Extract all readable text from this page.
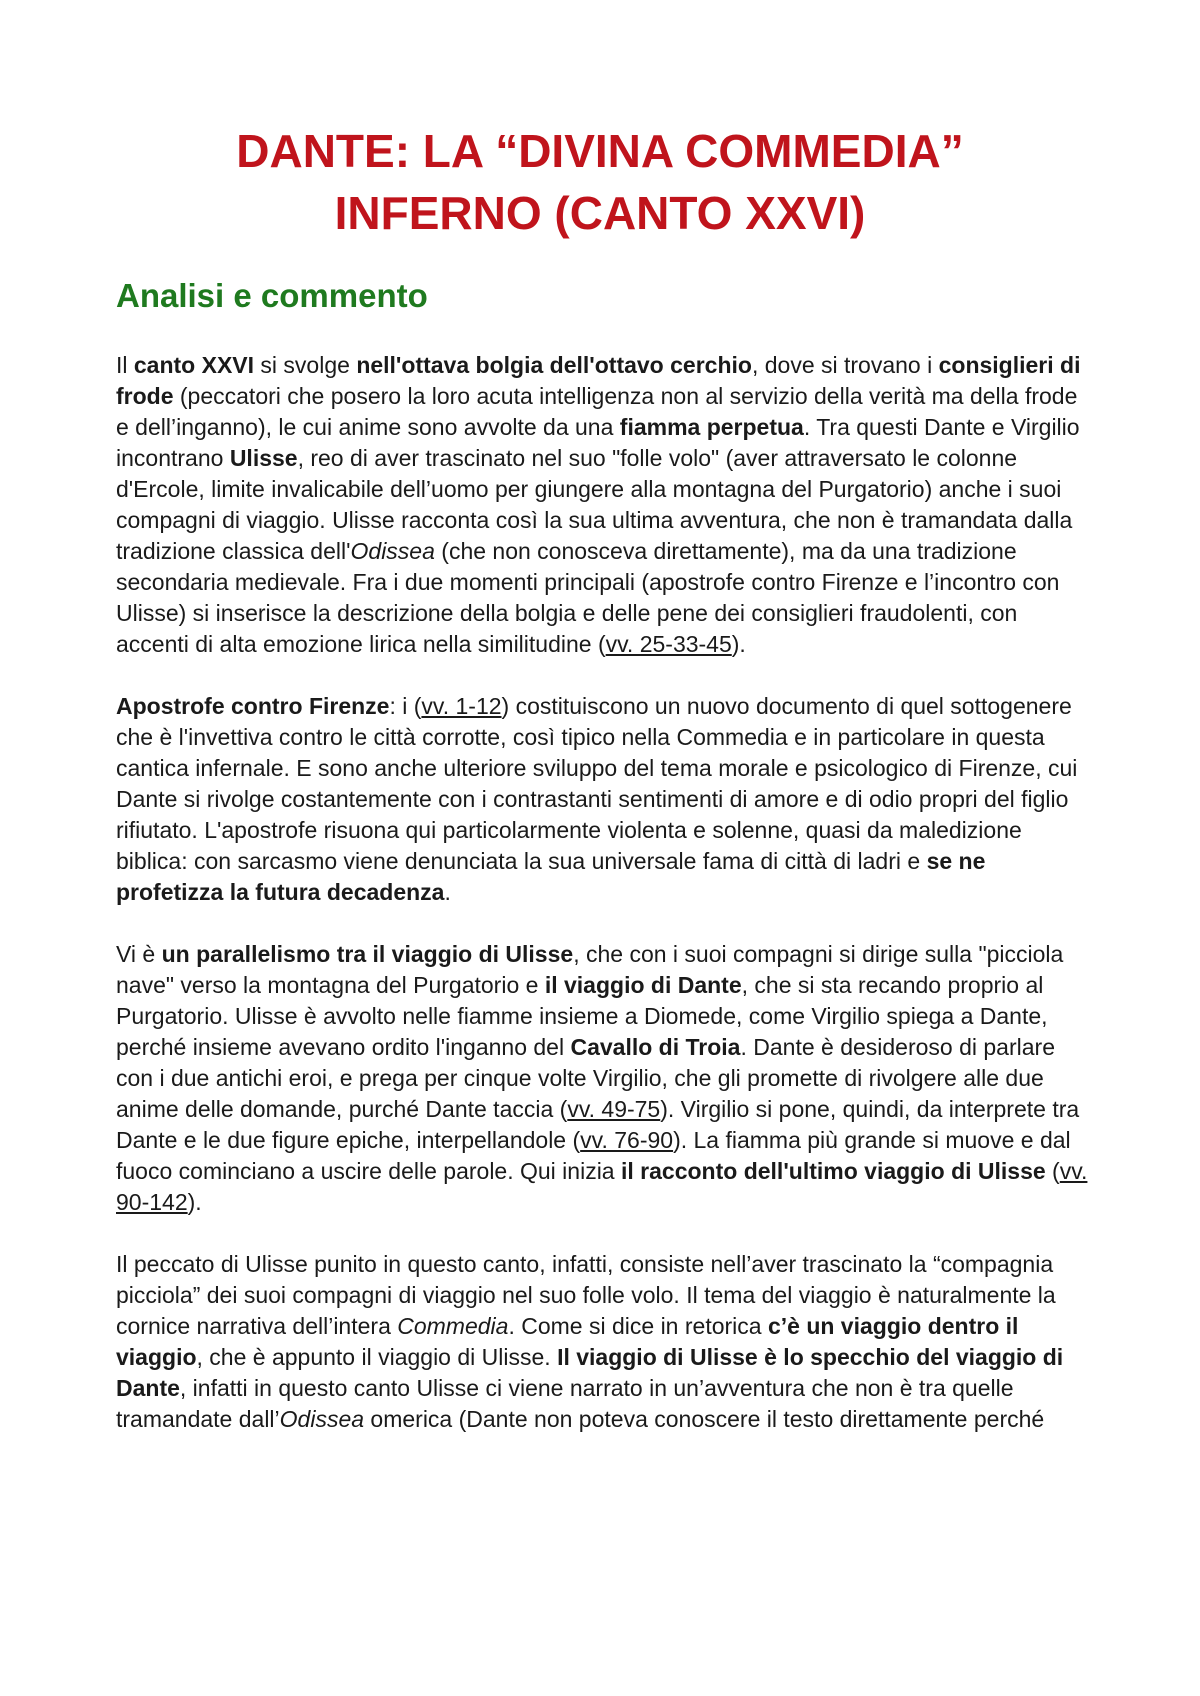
DANTE: LA “DIVINA COMMEDIA”
INFERNO (CANTO XXVI)
Analisi e commento

Il canto XXVI si svolge nell'ottava bolgia dell'ottavo cerchio, dove si trovano i consiglieri di frode (peccatori che posero la loro acuta intelligenza non al servizio della verità ma della frode e dell’inganno), le cui anime sono avvolte da una fiamma perpetua. Tra questi Dante e Virgilio incontrano Ulisse, reo di aver trascinato nel suo "folle volo" (aver attraversato le colonne d'Ercole, limite invalicabile dell’uomo per giungere alla montagna del Purgatorio) anche i suoi compagni di viaggio. Ulisse racconta così la sua ultima avventura, che non è tramandata dalla tradizione classica dell'Odissea (che non conosceva direttamente), ma da una tradizione secondaria medievale. Fra i due momenti principali (apostrofe contro Firenze e l’incontro con Ulisse) si inserisce la descrizione della bolgia e delle pene dei consiglieri fraudolenti, con accenti di alta emozione lirica nella similitudine (vv. 25-33-45).

Apostrofe contro Firenze: i (vv. 1-12) costituiscono un nuovo documento di quel sottogenere che è l'invettiva contro le città corrotte, così tipico nella Commedia e in particolare in questa cantica infernale. E sono anche ulteriore sviluppo del tema morale e psicologico di Firenze, cui Dante si rivolge costantemente con i contrastanti sentimenti di amore e di odio propri del figlio rifiutato. L'apostrofe risuona qui particolarmente violenta e solenne, quasi da maledizione biblica: con sarcasmo viene denunciata la sua universale fama di città di ladri e se ne profetizza la futura decadenza.

Vi è un parallelismo tra il viaggio di Ulisse, che con i suoi compagni si dirige sulla "picciola nave" verso la montagna del Purgatorio e il viaggio di Dante, che si sta recando proprio al Purgatorio. Ulisse è avvolto nelle fiamme insieme a Diomede, come Virgilio spiega a Dante, perché insieme avevano ordito l'inganno del Cavallo di Troia. Dante è desideroso di parlare con i due antichi eroi, e prega per cinque volte Virgilio, che gli promette di rivolgere alle due anime delle domande, purché Dante taccia (vv. 49-75). Virgilio si pone, quindi, da interprete tra Dante e le due figure epiche, interpellandole (vv. 76-90). La fiamma più grande si muove e dal fuoco cominciano a uscire delle parole. Qui inizia il racconto dell'ultimo viaggio di Ulisse (vv. 90-142).

Il peccato di Ulisse punito in questo canto, infatti, consiste nell’aver trascinato la “compagnia picciola” dei suoi compagni di viaggio nel suo folle volo. Il tema del viaggio è naturalmente la cornice narrativa dell’intera Commedia. Come si dice in retorica c’è un viaggio dentro il viaggio, che è appunto il viaggio di Ulisse. Il viaggio di Ulisse è lo specchio del viaggio di Dante, infatti in questo canto Ulisse ci viene narrato in un’avventura che non è tra quelle tramandate dall’Odissea omerica (Dante non poteva conoscere il testo direttamente perché
